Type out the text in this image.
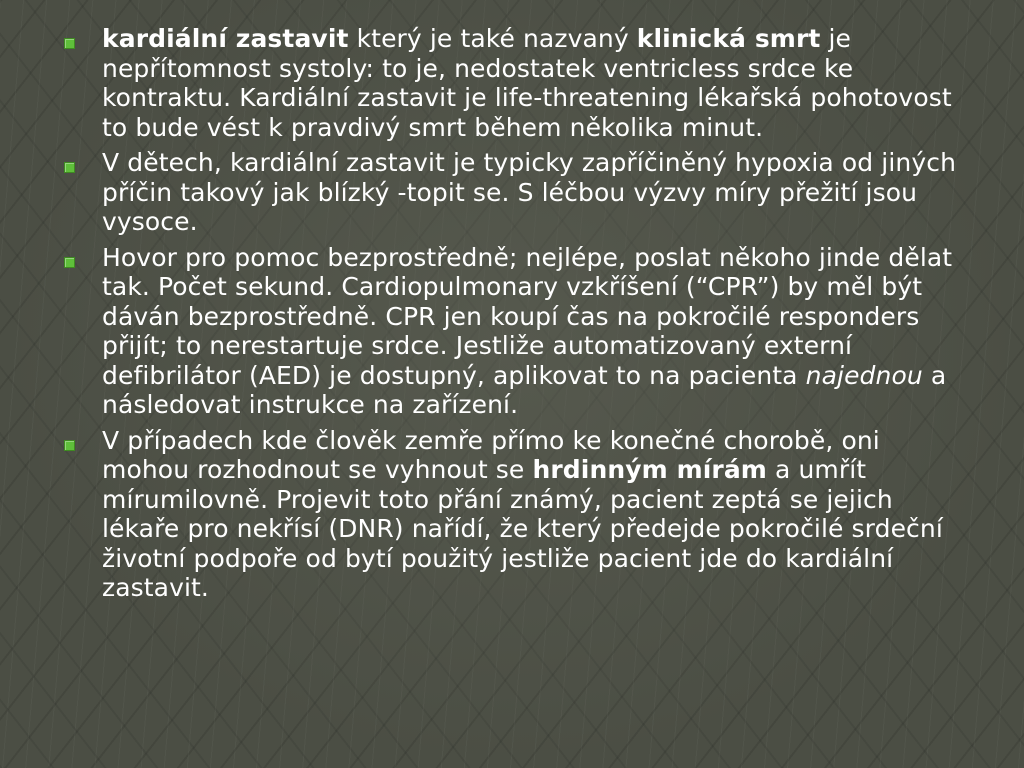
kardiální zastavit který je také nazvaný klinická smrt je nepřítomnost systoly: to je, nedostatek ventricless srdce ke kontraktu. Kardiální zastavit je life-threatening lékařská pohotovost to bude vést k pravdivý smrt během několika minut.
V dětech, kardiální zastavit je typicky zapříčiněný hypoxia od jiných příčin takový jak blízký -topit se. S léčbou výzvy míry přežití jsou vysoce.
Hovor pro pomoc bezprostředně; nejlépe, poslat někoho jinde dělat tak. Počet sekund. Cardiopulmonary vzkříšení (“CPR”) by měl být dáván bezprostředně. CPR jen koupí čas na pokročilé responders přijít; to nerestartuje srdce. Jestliže automatizovaný externí defibrilátor (AED) je dostupný, aplikovat to na pacienta najednou a následovat instrukce na zařízení.
V případech kde člověk zemře přímo ke konečné chorobě, oni mohou rozhodnout se vyhnout se hrdinným mírám a umřít mírumilovně. Projevit toto přání známý, pacient zeptá se jejich lékaře pro nekřísí (DNR) nařídí, že který předejde pokročilé srdeční životní podpoře od bytí použitý jestliže pacient jde do kardiální zastavit.
